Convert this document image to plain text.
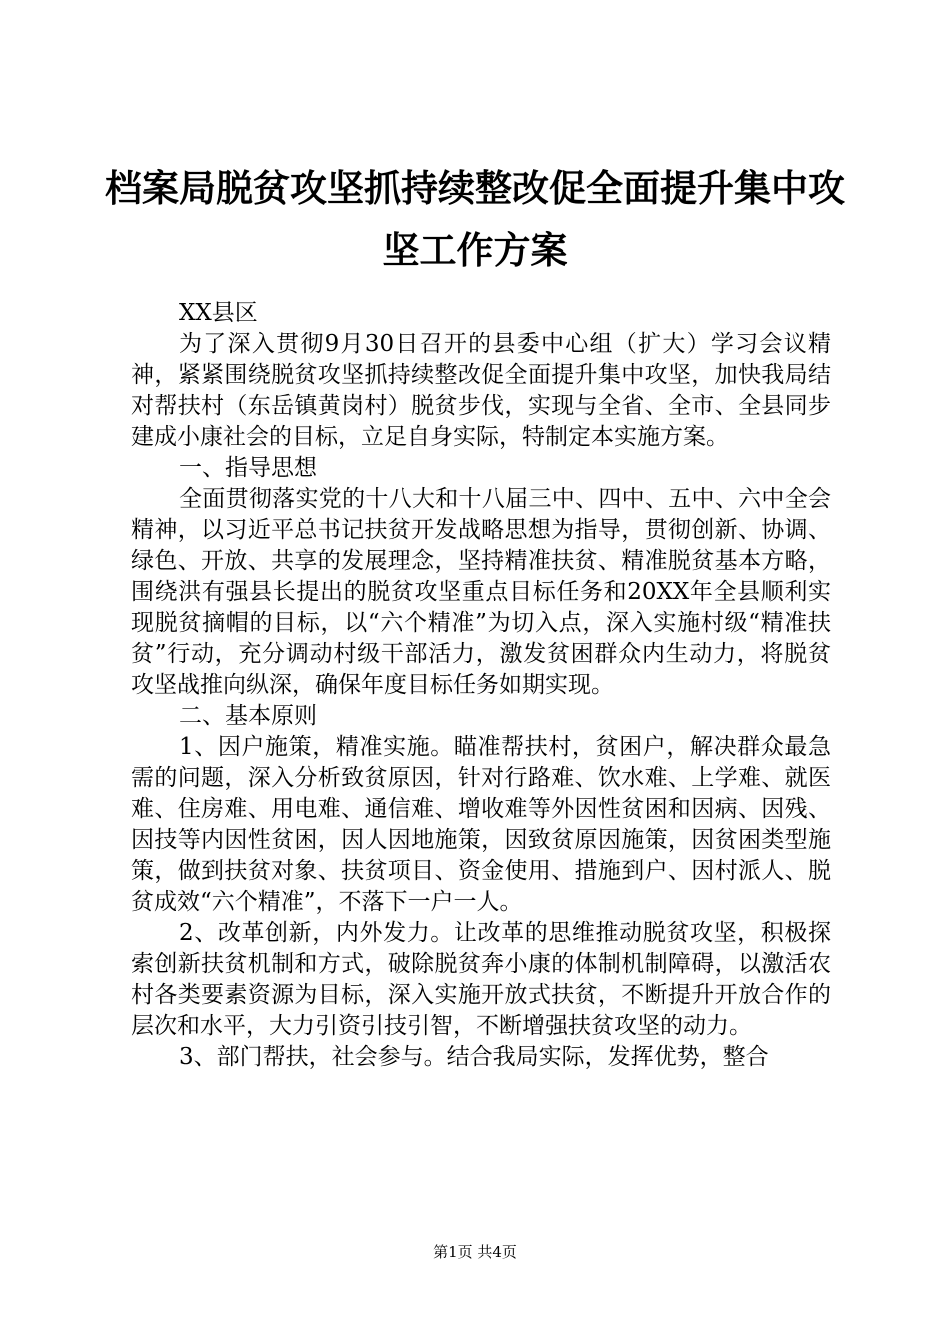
档案局脱贫攻坚抓持续整改促全面提升集中攻
坚工作方案

XX县区

为了深入贯彻9月30日召开的县委中心组（扩大）学习会议精神，紧紧围绕脱贫攻坚抓持续整改促全面提升集中攻坚，加快我局结对帮扶村（东岳镇黄岗村）脱贫步伐，实现与全省、全市、全县同步建成小康社会的目标，立足自身实际，特制定本实施方案。

一、指导思想

全面贯彻落实党的十八大和十八届三中、四中、五中、六中全会精神，以习近平总书记扶贫开发战略思想为指导，贯彻创新、协调、绿色、开放、共享的发展理念，坚持精准扶贫、精准脱贫基本方略，围绕洪有强县长提出的脱贫攻坚重点目标任务和20XX年全县顺利实现脱贫摘帽的目标，以“六个精准”为切入点，深入实施村级“精准扶贫”行动，充分调动村级干部活力，激发贫困群众内生动力，将脱贫攻坚战推向纵深，确保年度目标任务如期实现。

二、基本原则

1、因户施策，精准实施。瞄准帮扶村，贫困户，解决群众最急需的问题，深入分析致贫原因，针对行路难、饮水难、上学难、就医难、住房难、用电难、通信难、增收难等外因性贫困和因病、因残、因技等内因性贫困，因人因地施策，因致贫原因施策，因贫困类型施策，做到扶贫对象、扶贫项目、资金使用、措施到户、因村派人、脱贫成效“六个精准”，不落下一户一人。

2、改革创新，内外发力。让改革的思维推动脱贫攻坚，积极探索创新扶贫机制和方式，破除脱贫奔小康的体制机制障碍，以激活农村各类要素资源为目标，深入实施开放式扶贫，不断提升开放合作的层次和水平，大力引资引技引智，不断增强扶贫攻坚的动力。

3、部门帮扶，社会参与。结合我局实际，发挥优势，整合

第1页 共4页
